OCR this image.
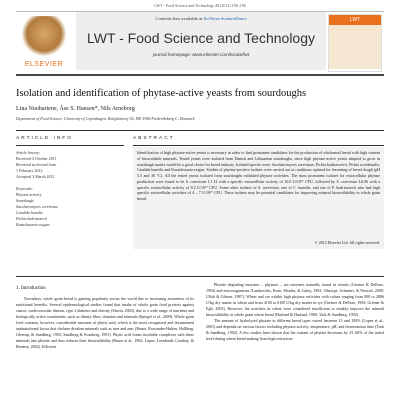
LWT - Food Science and Technology 48 (2012) 190–196
ELSEVIER
Contents lists available at SciVerse ScienceDirect
LWT - Food Science and Technology
journal homepage: www.elsevier.com/locate/lwt
LWT
Isolation and identification of phytase-active yeasts from sourdoughs
Lina Nuobariene, Åse S. Hansen*, Nils Arneborg
Department of Food Science, University of Copenhagen, Rolighedsvej 30, DK-1958 Frederiksberg C, Denmark
ARTICLE INFO	ABSTRACT
Article history:
Received 3 October 2011
Received in revised form
1 February 2012
Accepted 3 March 2012
Keywords:
Phytase activity
Sourdough
Saccharomyces cerevisiae
Candida humilis
Pichia kudriavzevii
Kazachstania exigua
Identification of high phytase-active yeasts is necessary in order to find prominent candidates for the production of wholemeal bread with high content of bioavailable minerals. Tested yeasts were isolated from Danish and Lithuanian sourdoughs, since high phytase-active yeasts adapted to grow in sourdough matrix would be a good choice for bread industry. Isolated species were: Saccharomyces cerevisiae, Pichia kudriavzevii, Pichia occidentalis, Candida humilis and Kazachstania exigua. Studies of phytase-positive isolates were carried out at conditions optimal for leavening of bread dough (pH 5.5 and 30 °C). All the tested yeasts isolated from sourdoughs exhibited phytase activities. The most prominent isolates for extracellular phytase production were found to be S. cerevisiae L1.12 with a specific extracellular activity of 10.6 U/10¹⁰ CFU, followed by S. cerevisiae L6.06 with a specific extracellular activity of 8.2 U/10¹⁰ CFU. Some other isolates of S. cerevisiae, one of C. humilis, and one of P. kudriavzevii also had high specific extracellular activities of 4 – 7 U/10¹⁰ CFU. These isolates may be potential candidates for improving mineral bioavailability in whole grain bread.
© 2012 Elsevier Ltd. All rights reserved.
1. Introduction

Nowadays, whole grain bread is gaining popularity across the world due to increasing awareness of its nutritional benefits. Several epidemiological studies found that intake of whole grain food protects against cancer, cardiovascular disease, type 2 diabetes and obesity (Slavin, 2003), due to a wide range of nutrients and biologically active constituents, such as dietary fiber, vitamins and minerals (Spiegel et al., 2009). Whole grain food contains, however, considerable amounts of phytic acid, which is the most recognized and documented antinutritional factor that chelates divalent minerals such as iron and zinc (Brune, Rossander-Hulten, Hallberg, Gleerup, & Sandberg, 1992; Sandberg & Svanberg, 1991). Phytic acid forms insoluble complexes with these minerals into phytate and thus reduces their bioavailability (Brune et al., 1992; Lopez, Leenhardt, Coudray, & Remesy, 2002). Efficient

Phytate degrading enzymes – phytases – are enzymes naturally found in cereals (Greiner & DeFaxe, 1994) and microorganisms (Lambrechts, Boze, Moulin, & Galzy, 1992; Olstorpe, Schnürer, & Passoth, 2009; Ullah & Gibson, 1987). Wheat and rye exhibit high phytase activities with values ranging from 900 to 2886 U/kg dry matter in wheat and from 4100 to 6100 U/kg dry matter in rye (Greiner & DeFaxe, 1994; Greiner & Egli, 2003). However, the activities in wheat were considered insufficient to notably improve the mineral bioavailability in whole grain wheat bread (Harland & Harland, 1980; Turk & Sandberg, 1992).

The amount of hydrolysed phytate in different bread types varied between 13 and 100% (Lopez et al., 2001) and depends on various factors including phytase activity, temperature, pH, and fermentation time (Turk & Sandberg, 1992). A few studies have shown that the content of phytate decreases by 25–60% of the initial level during wheat bread making from high extraction
